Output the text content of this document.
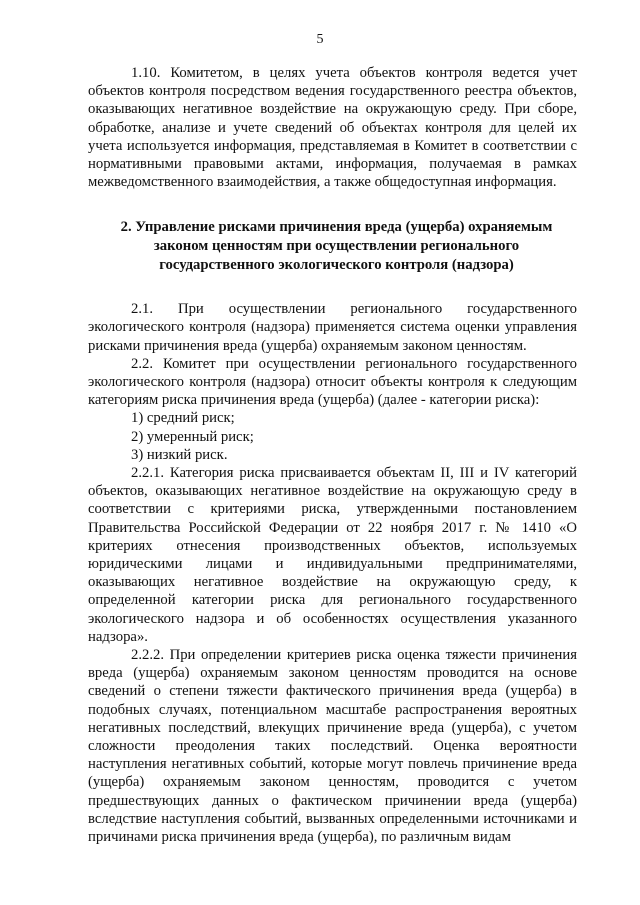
5

1.10. Комитетом, в целях учета объектов контроля ведется учет объектов контроля посредством ведения государственного реестра объектов, оказывающих негативное воздействие на окружающую среду. При сборе, обработке, анализе и учете сведений об объектах контроля для целей их учета используется информация, представляемая в Комитет в соответствии с нормативными правовыми актами, информация, получаемая в рамках межведомственного взаимодействия, а также общедоступная информация.

2. Управление рисками причинения вреда (ущерба) охраняемым законом ценностям при осуществлении регионального государственного экологического контроля (надзора)

2.1. При осуществлении регионального государственного экологического контроля (надзора) применяется система оценки управления рисками причинения вреда (ущерба) охраняемым законом ценностям.

2.2. Комитет при осуществлении регионального государственного экологического контроля (надзора) относит объекты контроля к следующим категориям риска причинения вреда (ущерба) (далее - категории риска):

1) средний риск;

2) умеренный риск;

3) низкий риск.

2.2.1. Категория риска присваивается объектам II, III и IV категорий объектов, оказывающих негативное воздействие на окружающую среду в соответствии с критериями риска, утвержденными постановлением Правительства Российской Федерации от 22 ноября 2017 г. № 1410 «О критериях отнесения производственных объектов, используемых юридическими лицами и индивидуальными предпринимателями, оказывающих негативное воздействие на окружающую среду, к определенной категории риска для регионального государственного экологического надзора и об особенностях осуществления указанного надзора».

2.2.2. При определении критериев риска оценка тяжести причинения вреда (ущерба) охраняемым законом ценностям проводится на основе сведений о степени тяжести фактического причинения вреда (ущерба) в подобных случаях, потенциальном масштабе распространения вероятных негативных последствий, влекущих причинение вреда (ущерба), с учетом сложности преодоления таких последствий. Оценка вероятности наступления негативных событий, которые могут повлечь причинение вреда (ущерба) охраняемым законом ценностям, проводится с учетом предшествующих данных о фактическом причинении вреда (ущерба) вследствие наступления событий, вызванных определенными источниками и причинами риска причинения вреда (ущерба), по различным видам
